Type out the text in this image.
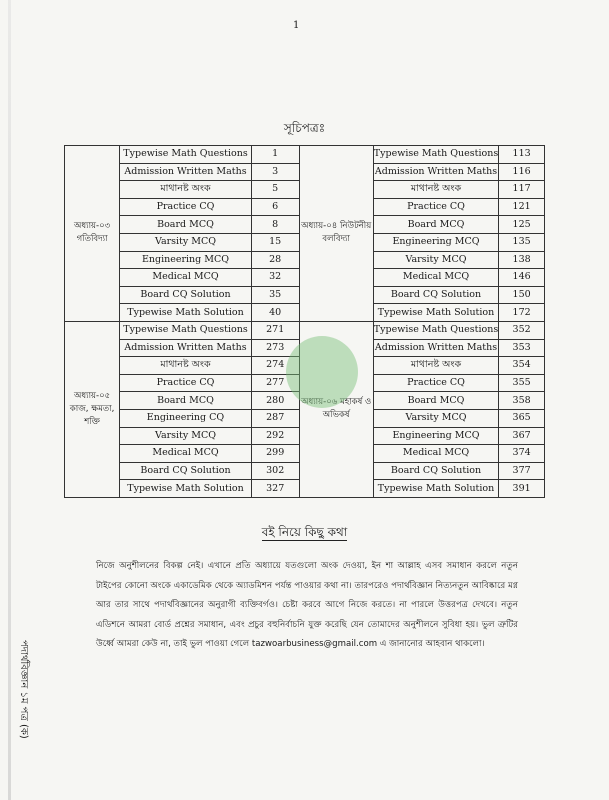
1
সূচিপত্রঃ
অধ্যায়-০৩ গতিবিদ্যা	Typewise Math Questions	1	অধ্যায়-০৪ নিউটনীয় বলবিদ্যা	Typewise Math Questions	113
	Admission Written Maths	3		Admission Written Maths	116
	মাথানষ্ট অংক	5		মাথানষ্ট অংক	117
	Practice CQ	6		Practice CQ	121
	Board MCQ	8		Board MCQ	125
	Varsity MCQ	15		Engineering MCQ	135
	Engineering MCQ	28		Varsity MCQ	138
	Medical MCQ	32		Medical MCQ	146
	Board CQ Solution	35		Board CQ Solution	150
	Typewise Math Solution	40		Typewise Math Solution	172
অধ্যায়-০৫ কাজ, ক্ষমতা, শক্তি	Typewise Math Questions	271	অধ্যায়-০৬ মহাকর্ষ ও অভিকর্ষ	Typewise Math Questions	352
	Admission Written Maths	273		Admission Written Maths	353
	মাথানষ্ট অংক	274		মাথানষ্ট অংক	354
	Practice CQ	277		Practice CQ	355
	Board MCQ	280		Board MCQ	358
	Engineering CQ	287		Varsity MCQ	365
	Varsity MCQ	292		Engineering MCQ	367
	Medical MCQ	299		Medical MCQ	374
	Board CQ Solution	302		Board CQ Solution	377
	Typewise Math Solution	327		Typewise Math Solution	391
বই নিয়ে কিছু কথা
নিজে অনুশীলনের বিকল্প নেই। এখানে প্রতি অধ্যায়ে যতগুলো অংক দেওয়া, ইন শা আল্লাহ এসব সমাধান করলে নতুন টাইপের কোনো অংকে একাডেমিক থেকে অ্যাডমিশন পর্যন্ত পাওয়ার কথা না। তারপরেও পদার্থবিজ্ঞান নিত্যনতুন আবিষ্কারে মগ্ন আর তার সাথে পদার্থবিজ্ঞানের অনুরাগী ব্যক্তিবর্গও। চেষ্টা করবে আগে নিজে করতে। না পারলে উত্তরপত্র দেখবে। নতুন এডিশনে আমরা বোর্ড প্রশ্নের সমাধান, এবং প্রচুর বহুনির্বাচনি যুক্ত করেছি যেন তোমাদের অনুশীলনে সুবিধা হয়। ভুল ত্রুটির উর্ধ্বে আমরা কেউ না, তাই ভুল পাওয়া গেলে tazwoarbusiness@gmail.com এ জানানোর আহবান থাকলো।
পদার্থবিজ্ঞান ১ম পত্র (ক)
